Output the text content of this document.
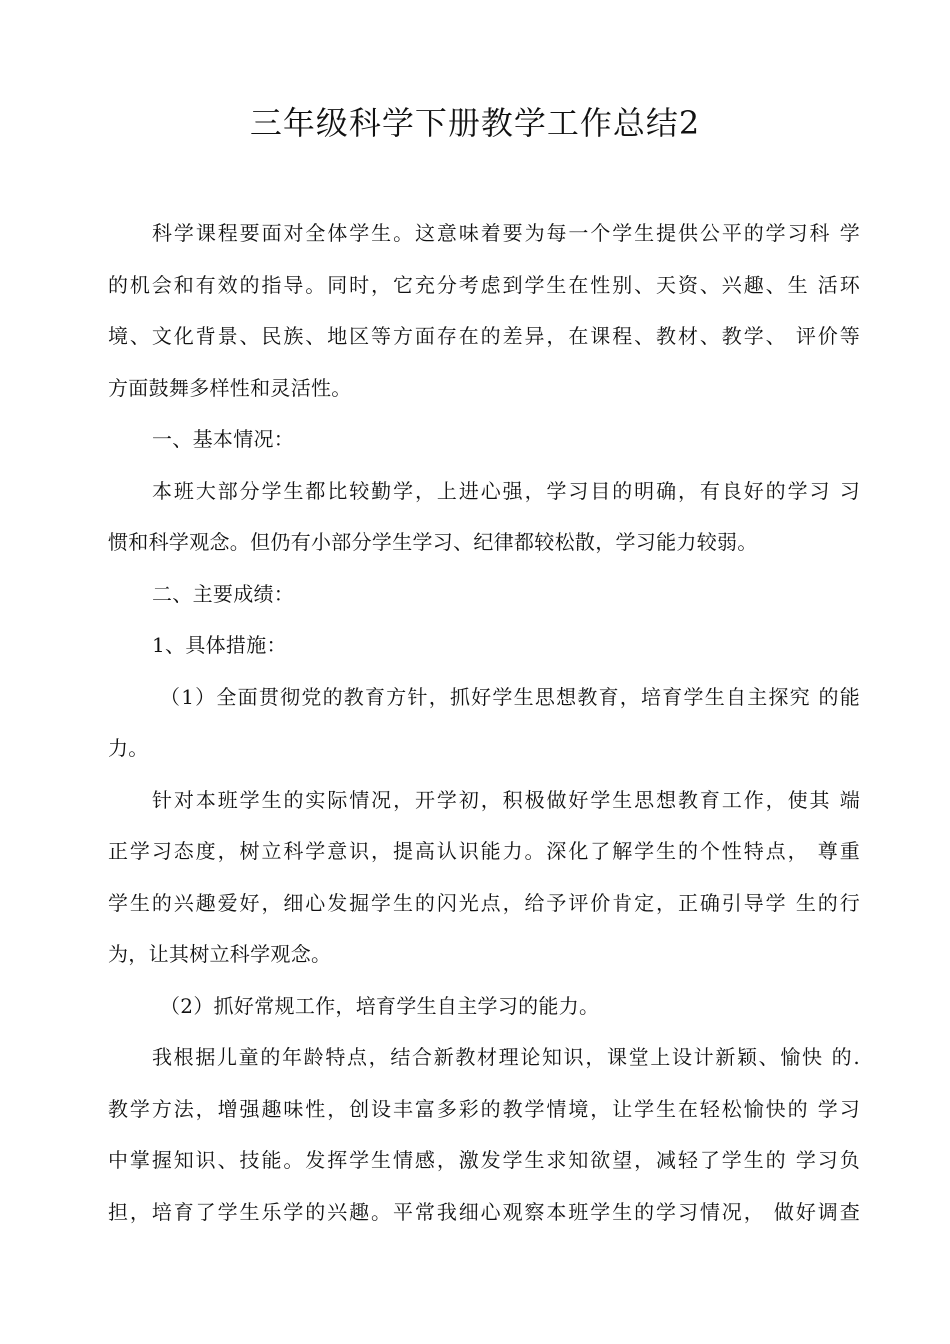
三年级科学下册教学工作总结2

科学课程要面对全体学生。这意味着要为每一个学生提供公平的学习科 学
的机会和有效的指导。同时，它充分考虑到学生在性别、天资、兴趣、生 活环
境、文化背景、民族、地区等方面存在的差异，在课程、教材、教学、 评价等
方面鼓舞多样性和灵活性。

一、基本情况：

本班大部分学生都比较勤学，上进心强，学习目的明确，有良好的学习 习
惯和科学观念。但仍有小部分学生学习、纪律都较松散，学习能力较弱。

二、主要成绩：

1、具体措施：

（1）全面贯彻党的教育方针，抓好学生思想教育，培育学生自主探究 的能
力。

针对本班学生的实际情况，开学初，积极做好学生思想教育工作，使其 端
正学习态度，树立科学意识，提高认识能力。深化了解学生的个性特点， 尊重
学生的兴趣爱好，细心发掘学生的闪光点，给予评价肯定，正确引导学 生的行
为，让其树立科学观念。

（2）抓好常规工作，培育学生自主学习的能力。

我根据儿童的年龄特点，结合新教材理论知识，课堂上设计新颖、愉快 的.
教学方法，增强趣味性，创设丰富多彩的教学情境，让学生在轻松愉快的 学习
中掌握知识、技能。发挥学生情感，激发学生求知欲望，减轻了学生的 学习负
担，培育了学生乐学的兴趣。平常我细心观察本班学生的学习情况， 做好调查
